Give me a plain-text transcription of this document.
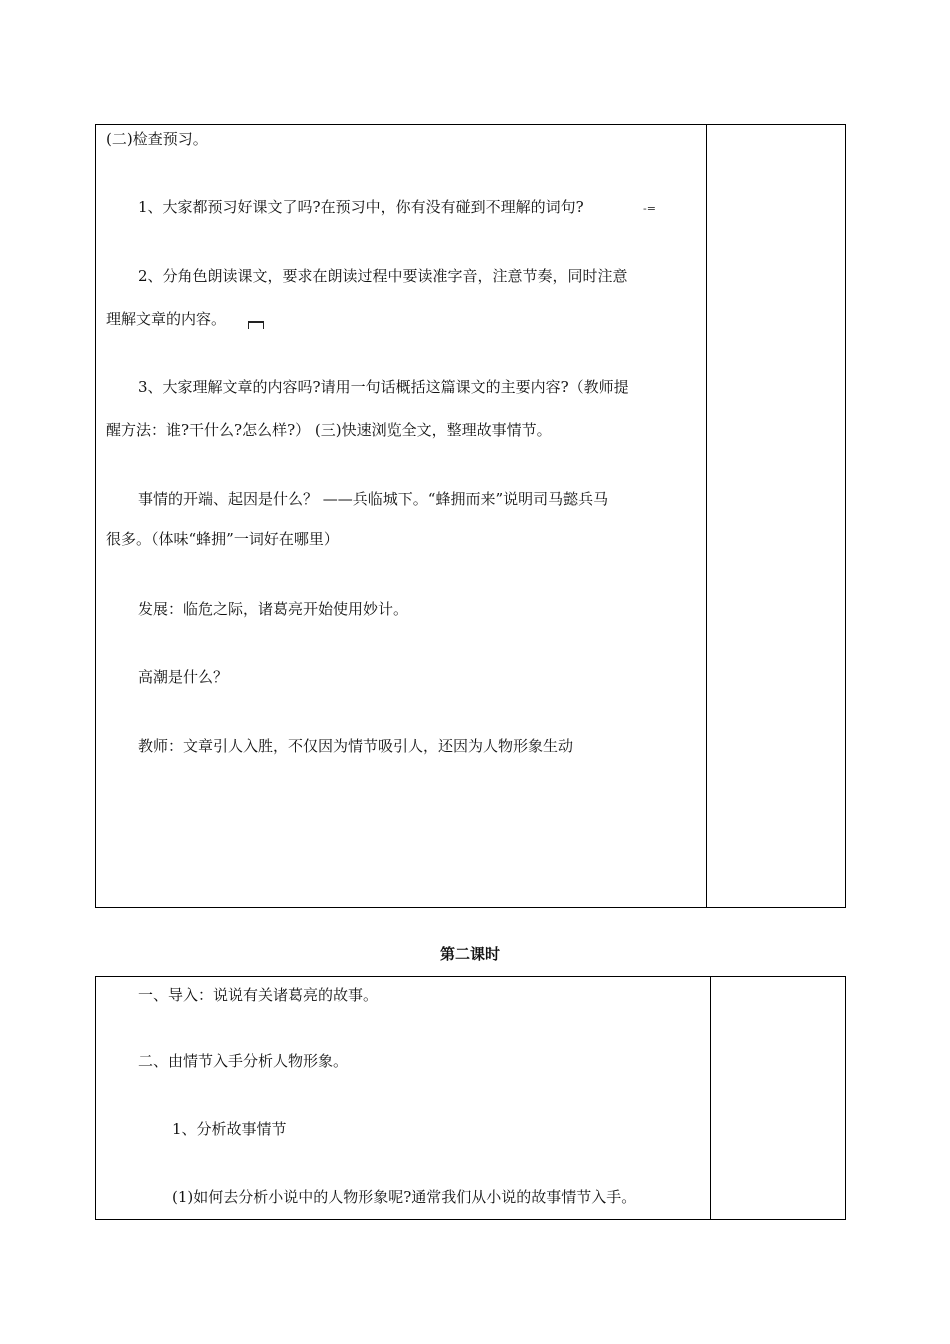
(二)检查预习。
1、大家都预习好课文了吗?在预习中，你有没有碰到不理解的词句?	-=
2、分角色朗读课文，要求在朗读过程中要读准字音，注意节奏，同时注意
理解文章的内容。
3、大家理解文章的内容吗?请用一句话概括这篇课文的主要内容?（教师提
醒方法：谁?干什么?怎么样?） (三)快速浏览全文，整理故事情节。
事情的开端、起因是什么？ ——兵临城下。“蜂拥而来”说明司马懿兵马
很多。（体味“蜂拥”一词好在哪里）
发展：临危之际，诸葛亮开始使用妙计。
高潮是什么？
教师：文章引人入胜，不仅因为情节吸引人，还因为人物形象生动
第二课时
一、导入：说说有关诸葛亮的故事。
二、由情节入手分析人物形象。
1、分析故事情节
(1)如何去分析小说中的人物形象呢?通常我们从小说的故事情节入手。
